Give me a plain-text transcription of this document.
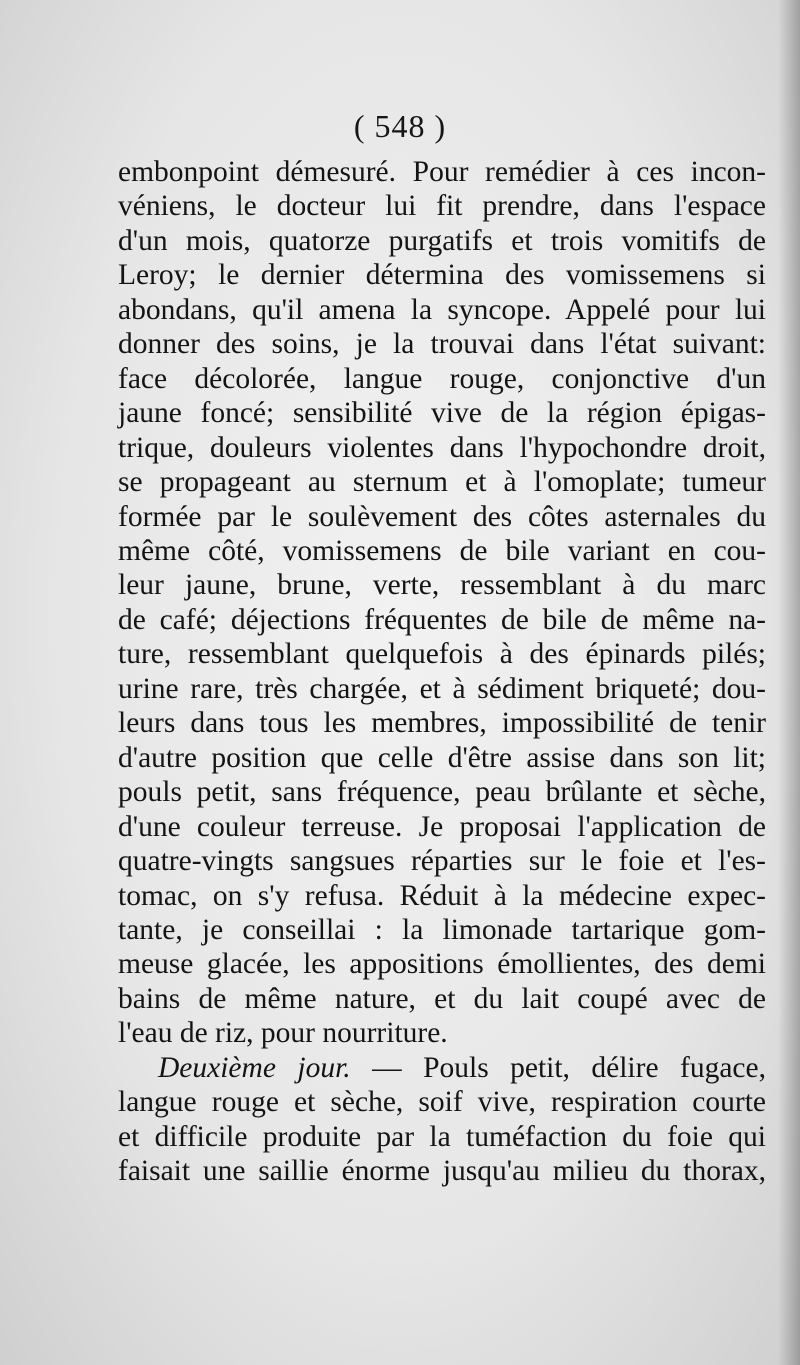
( 548 )
embonpoint démesuré. Pour remédier à ces incon-
véniens, le docteur lui fit prendre, dans l'espace
d'un mois, quatorze purgatifs et trois vomitifs de
Leroy; le dernier détermina des vomissemens si
abondans, qu'il amena la syncope. Appelé pour lui
donner des soins, je la trouvai dans l'état suivant:
face décolorée, langue rouge, conjonctive d'un
jaune foncé; sensibilité vive de la région épigas-
trique, douleurs violentes dans l'hypochondre droit,
se propageant au sternum et à l'omoplate; tumeur
formée par le soulèvement des côtes asternales du
même côté, vomissemens de bile variant en cou-
leur jaune, brune, verte, ressemblant à du marc
de café; déjections fréquentes de bile de même na-
ture, ressemblant quelquefois à des épinards pilés;
urine rare, très chargée, et à sédiment briqueté; dou-
leurs dans tous les membres, impossibilité de tenir
d'autre position que celle d'être assise dans son lit;
pouls petit, sans fréquence, peau brûlante et sèche,
d'une couleur terreuse. Je proposai l'application de
quatre-vingts sangsues réparties sur le foie et l'es-
tomac, on s'y refusa. Réduit à la médecine expec-
tante, je conseillai : la limonade tartarique gom-
meuse glacée, les appositions émollientes, des demi
bains de même nature, et du lait coupé avec de
l'eau de riz, pour nourriture.
Deuxième jour. — Pouls petit, délire fugace,
langue rouge et sèche, soif vive, respiration courte
et difficile produite par la tuméfaction du foie qui
faisait une saillie énorme jusqu'au milieu du thorax,
